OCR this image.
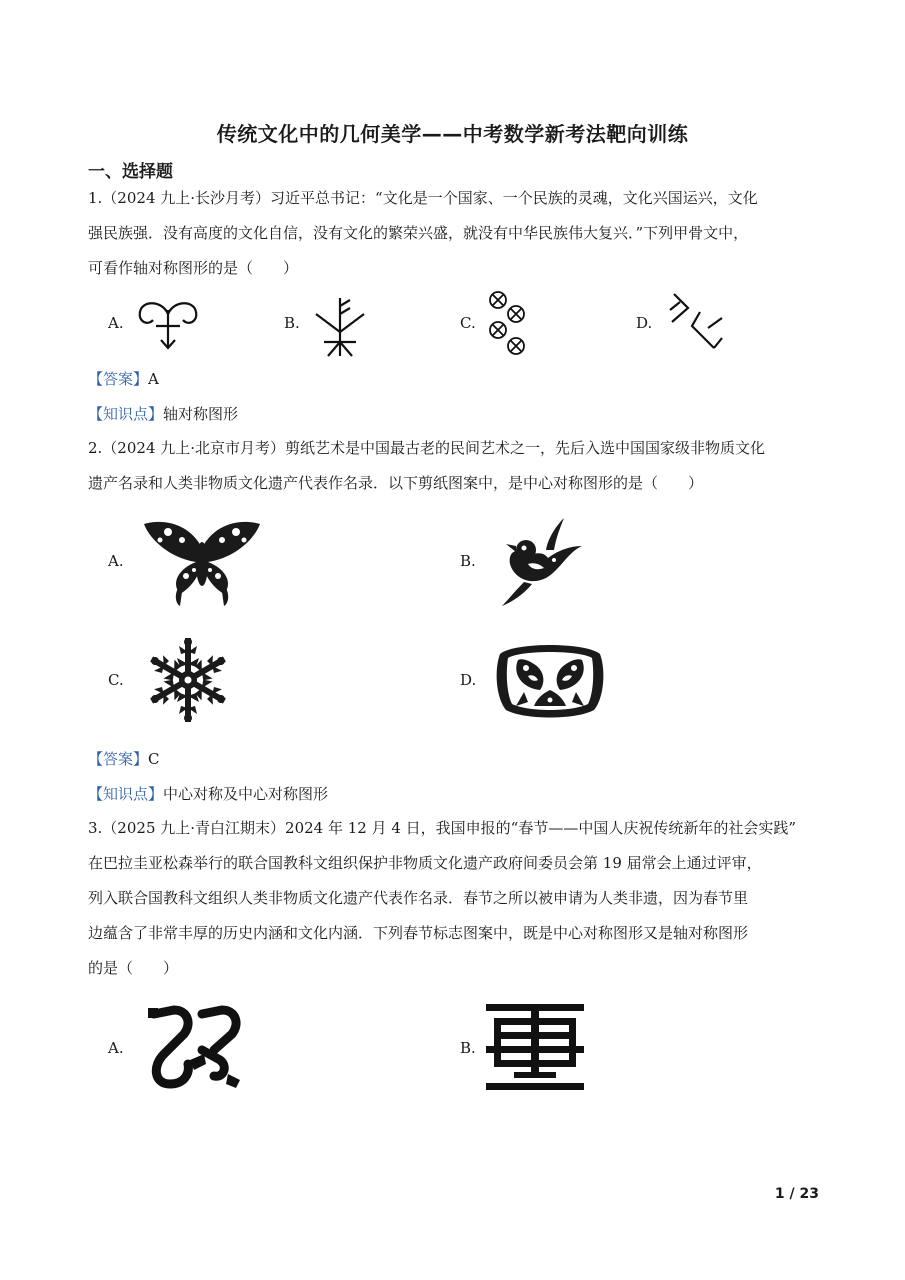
传统文化中的几何美学——中考数学新考法靶向训练
一、选择题
1.（2024 九上·长沙月考）习近平总书记：“文化是一个国家、一个民族的灵魂，文化兴国运兴，文化
强民族强．没有高度的文化自信，没有文化的繁荣兴盛，就没有中华民族伟大复兴．”下列甲骨文中，
可看作轴对称图形的是（　　）
A.	B.	C.	D.
【答案】A
【知识点】轴对称图形
2.（2024 九上·北京市月考）剪纸艺术是中国最古老的民间艺术之一，先后入选中国国家级非物质文化
遗产名录和人类非物质文化遗产代表作名录．以下剪纸图案中，是中心对称图形的是（　　）
A.	B.
C.	D.
【答案】C
【知识点】中心对称及中心对称图形
3.（2025 九上·青白江期末）2024 年 12 月 4 日，我国申报的“春节——中国人庆祝传统新年的社会实践”
在巴拉圭亚松森举行的联合国教科文组织保护非物质文化遗产政府间委员会第 19 届常会上通过评审，
列入联合国教科文组织人类非物质文化遗产代表作名录．春节之所以被申请为人类非遗，因为春节里
边蕴含了非常丰厚的历史内涵和文化内涵．下列春节标志图案中，既是中心对称图形又是轴对称图形
的是（　　）
A.	B.
1 / 23
